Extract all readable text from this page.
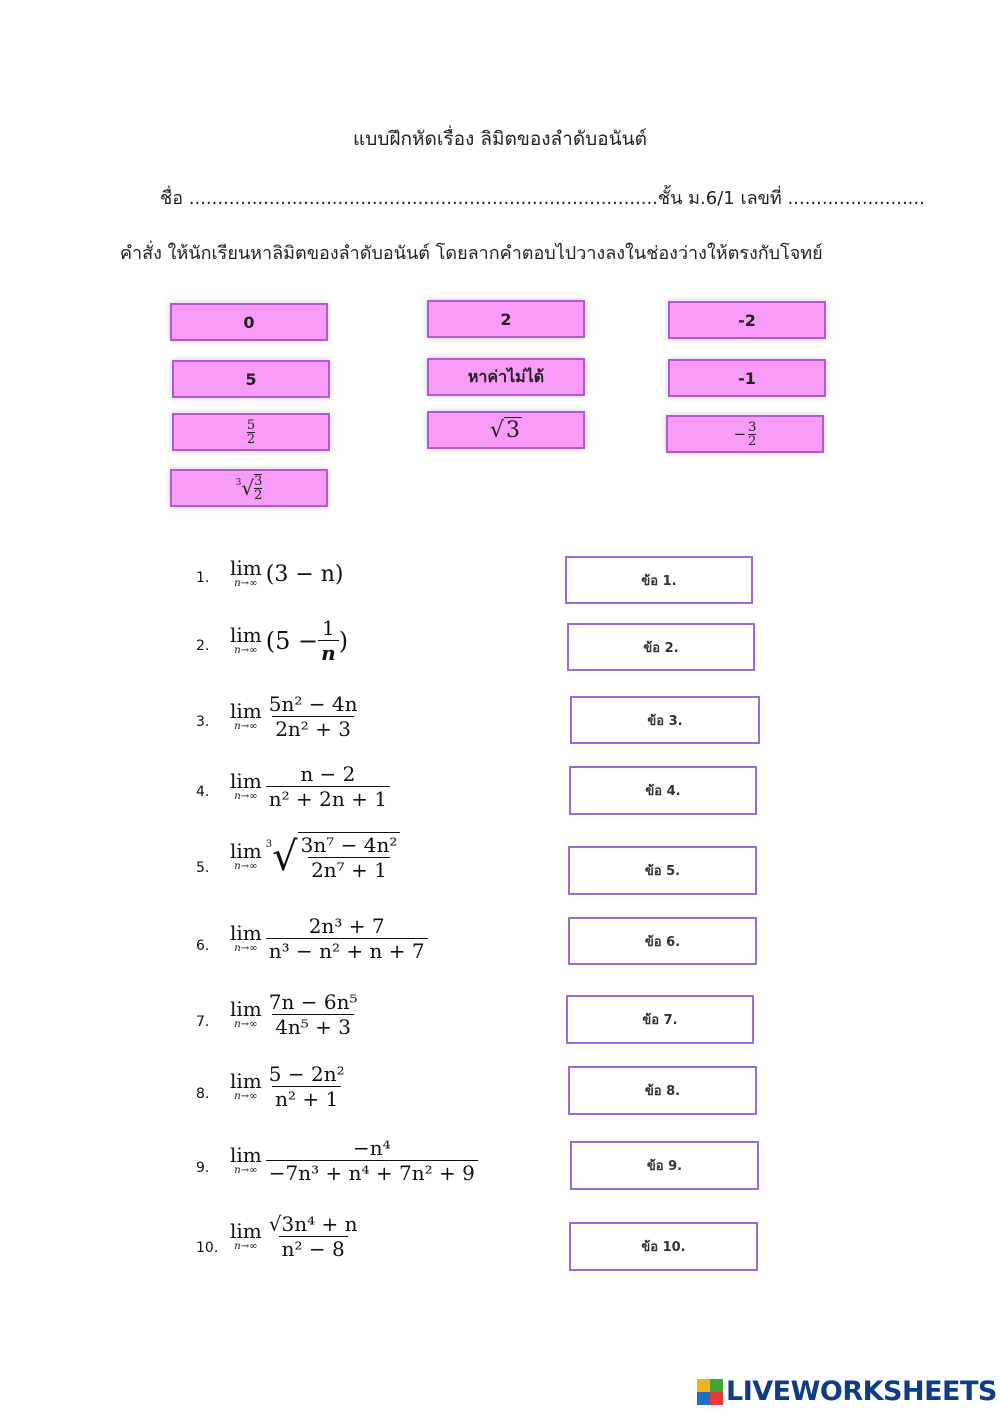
แบบฝึกหัดเรื่อง ลิมิตของลำดับอนันต์
ชื่อ ..................................................................................ชั้น ม.6/1 เลขที่ ........................
คำสั่ง ให้นักเรียนหาลิมิตของลำดับอนันต์ โดยลากคำตอบไปวางลงในช่องว่างให้ตรงกับโจทย์
0	2	-2
5	หาค่าไม่ได้	-1
$\frac{5}{2}$	√3	− $\frac{3}{2}$
3 √ $\frac{3}{2}$
1. lim
n→∞ (3 − n)
2. lim
n→∞ ($5 - \frac{1}{n}$ )
3. lim
$n\to\infty \frac{\text{5n² − 4n}}{\text{2n² + 3}}$
4. lim
$n\to\infty \frac{n - 2}{\text{n² + 2n + 1}}$
5.
lim
n→∞
3 √ $\frac{\text{3n⁷ − 4n²}}{\text{2n⁷ + 1}}$
6.
lim
$n\to\infty \frac{\text{2n³ + 7}}{\text{n³ − n² + n + 7}}$
7.
lim
$n\to\infty \frac{\text{7n − 6n⁵}}{\text{4n⁵ + 3}}$
8.
lim
$n\to\infty \frac{\text{5 − 2n²}}{\text{n² + 1}}$
9.
lim
$n\to\infty \frac{\text{−n⁴}}{\text{−7n³ + n⁴ + 7n² + 9}}$
10.
lim
$n\to\infty \frac{\text{√3n⁴ + n}}{\text{n² − 8}}$
ข้อ 1.
ข้อ 2.
ข้อ 3.
ข้อ 4.
ข้อ 5.
ข้อ 6.
ข้อ 7.
ข้อ 8.
ข้อ 9.
ข้อ 10.
LIVEWORKSHEETS
